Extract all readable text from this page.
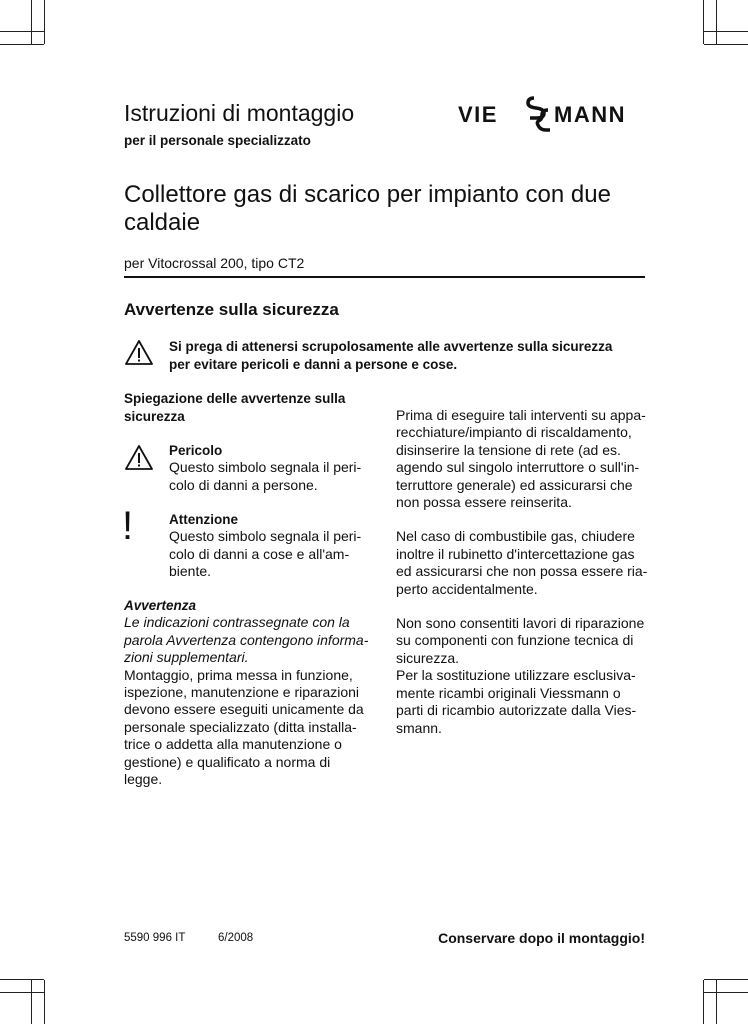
Istruzioni di montaggio
per il personale specializzato
VIE	MANN
Collettore gas di scarico per impianto con due
caldaie
per Vitocrossal 200, tipo CT2
Avvertenze sulla sicurezza
Si prega di attenersi scrupolosamente alle avvertenze sulla sicurezza
per evitare pericoli e danni a persone e cose.
Spiegazione delle avvertenze sulla
sicurezza
Pericolo
Questo simbolo segnala il peri-
colo di danni a persone.
!	Attenzione
Questo simbolo segnala il peri-
colo di danni a cose e all'am-
biente.
Avvertenza
Le indicazioni contrassegnate con la
parola Avvertenza contengono informa-
zioni supplementari.
Montaggio, prima messa in funzione,
ispezione, manutenzione e riparazioni
devono essere eseguiti unicamente da
personale specializzato (ditta installa-
trice o addetta alla manutenzione o
gestione) e qualificato a norma di
legge.
Prima di eseguire tali interventi su appa-
recchiature/impianto di riscaldamento,
disinserire la tensione di rete (ad es.
agendo sul singolo interruttore o sull'in-
terruttore generale) ed assicurarsi che
non possa essere reinserita.
Nel caso di combustibile gas, chiudere
inoltre il rubinetto d'intercettazione gas
ed assicurarsi che non possa essere ria-
perto accidentalmente.
Non sono consentiti lavori di riparazione
su componenti con funzione tecnica di
sicurezza.
Per la sostituzione utilizzare esclusiva-
mente ricambi originali Viessmann o
parti di ricambio autorizzate dalla Vies-
smann.
5590 996 IT	6/2008	Conservare dopo il montaggio!
